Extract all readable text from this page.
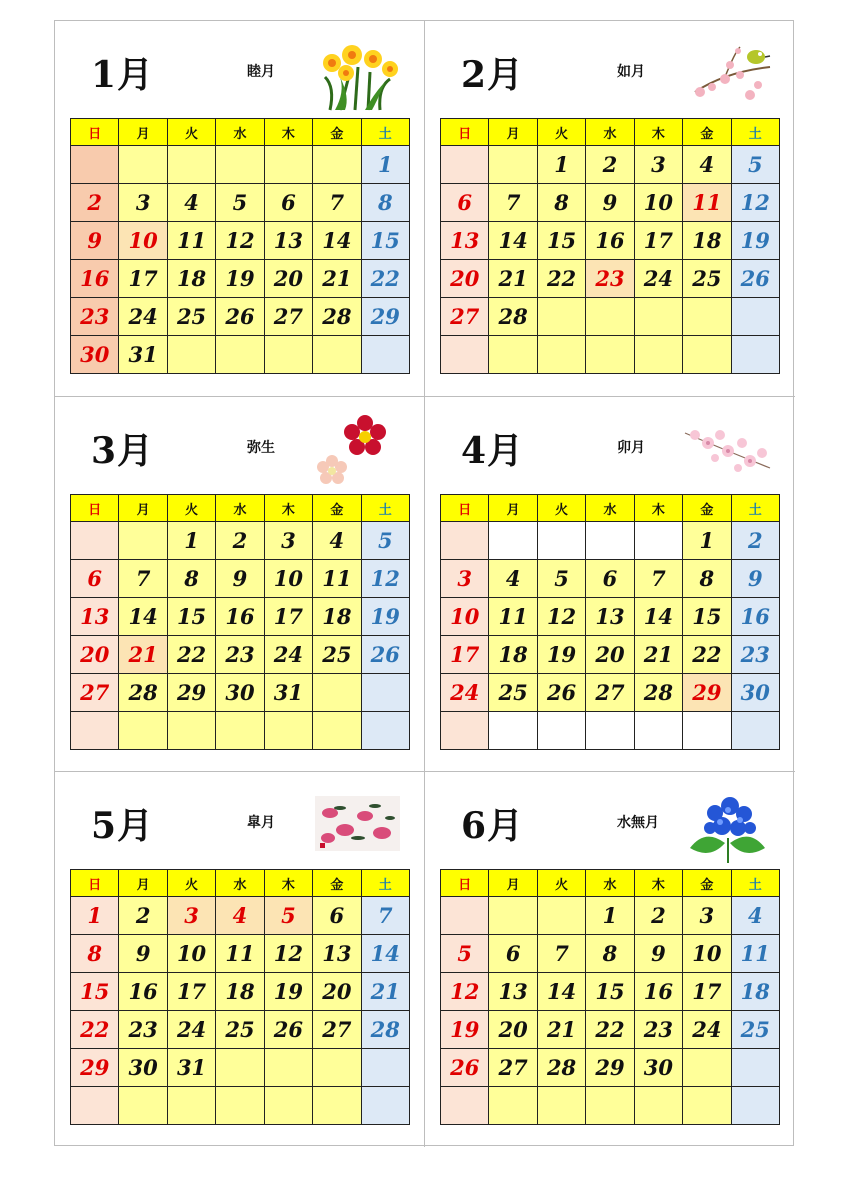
1月	睦月
日	月	火	水	木	金	土
						1
2	3	4	5	6	7	8
9	10	11	12	13	14	15
16	17	18	19	20	21	22
23	24	25	26	27	28	29
30	31					
2月	如月
日	月	火	水	木	金	土
		1	2	3	4	5
6	7	8	9	10	11	12
13	14	15	16	17	18	19
20	21	22	23	24	25	26
27	28					

3月	弥生
日	月	火	水	木	金	土
		1	2	3	4	5
6	7	8	9	10	11	12
13	14	15	16	17	18	19
20	21	22	23	24	25	26
27	28	29	30	31		

4月	卯月
日	月	火	水	木	金	土
					1	2
3	4	5	6	7	8	9
10	11	12	13	14	15	16
17	18	19	20	21	22	23
24	25	26	27	28	29	30

5月	皐月
日	月	火	水	木	金	土
1	2	3	4	5	6	7
8	9	10	11	12	13	14
15	16	17	18	19	20	21
22	23	24	25	26	27	28
29	30	31				

6月	水無月
日	月	火	水	木	金	土
			1	2	3	4
5	6	7	8	9	10	11
12	13	14	15	16	17	18
19	20	21	22	23	24	25
26	27	28	29	30		
